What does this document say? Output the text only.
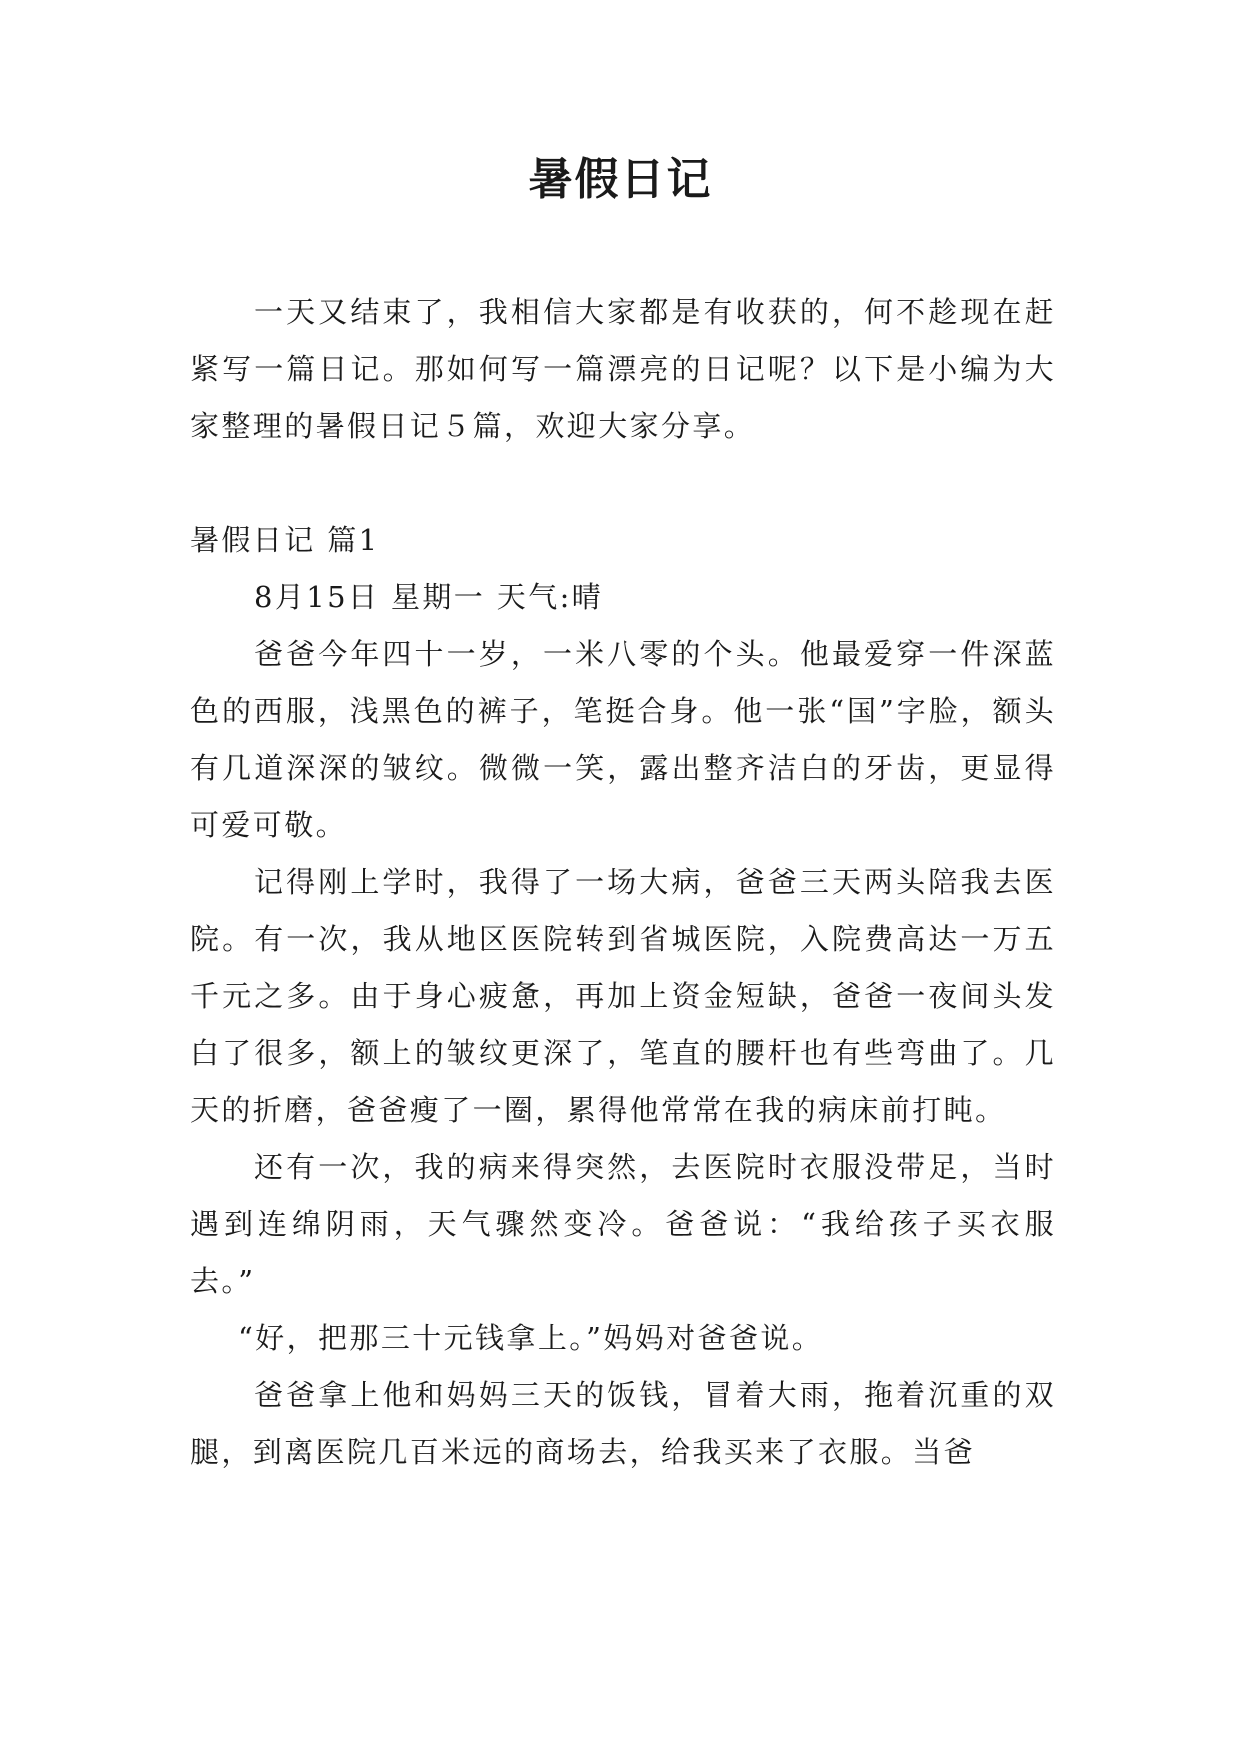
暑假日记

一天又结束了，我相信大家都是有收获的，何不趁现在赶紧写一篇日记。那如何写一篇漂亮的日记呢？以下是小编为大家整理的暑假日记５篇，欢迎大家分享。

暑假日记 篇1

8月15日 星期一 天气:晴

爸爸今年四十一岁，一米八零的个头。他最爱穿一件深蓝色的西服，浅黑色的裤子，笔挺合身。他一张“国”字脸，额头有几道深深的皱纹。微微一笑，露出整齐洁白的牙齿，更显得可爱可敬。

记得刚上学时，我得了一场大病，爸爸三天两头陪我去医院。有一次，我从地区医院转到省城医院，入院费高达一万五千元之多。由于身心疲惫，再加上资金短缺，爸爸一夜间头发白了很多，额上的皱纹更深了，笔直的腰杆也有些弯曲了。几天的折磨，爸爸瘦了一圈，累得他常常在我的病床前打盹。

还有一次，我的病来得突然，去医院时衣服没带足，当时遇到连绵阴雨，天气骤然变冷。爸爸说：“我给孩子买衣服去。”

“好，把那三十元钱拿上。”妈妈对爸爸说。

爸爸拿上他和妈妈三天的饭钱，冒着大雨，拖着沉重的双腿，到离医院几百米远的商场去，给我买来了衣服。当爸
